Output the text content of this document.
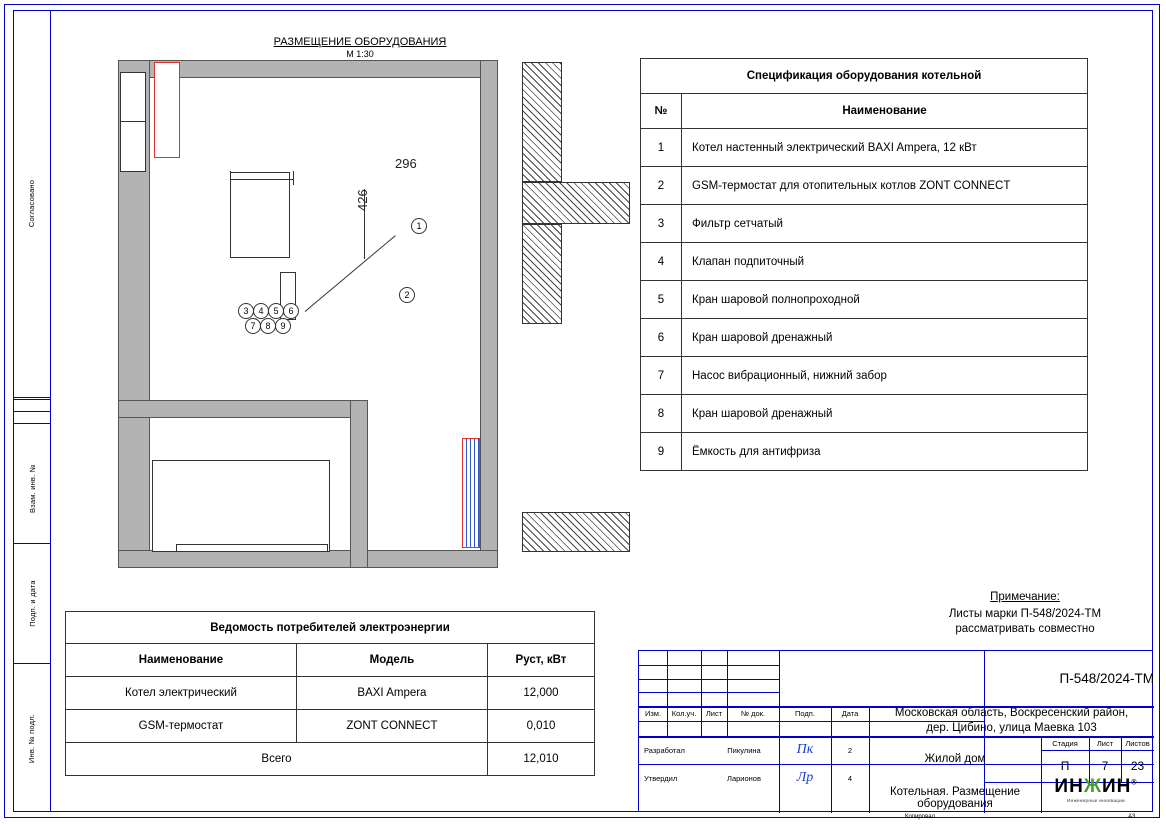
Согласовано
Взам. инв. №
Подп. и дата
Инв. № подл.
РАЗМЕЩЕНИЕ ОБОРУДОВАНИЯ
М 1:30
296
426
1
2
3	4	5	6
7	8	9
Спецификация оборудования котельной	
№	Наименование
1	Котел настенный электрический BAXI Ampera, 12 кВт
2	GSM-термостат для отопительных котлов ZONT CONNECT
3	Фильтр сетчатый
4	Клапан подпиточный
5	Кран шаровой полнопроходной
6	Кран шаровой дренажный
7	Насос вибрационный, нижний забор
8	Кран шаровой дренажный
9	Ёмкость для антифриза
Ведомость потребителей электроэнергии		
Наименование	Модель	Руст, кВт
Котел электрический	BAXI Ampera	12,000
GSM-термостат	ZONT CONNECT	0,010
Всего		12,010
Примечание:
Листы марки П-548/2024-ТМ
рассматривать совместно
Изм.	Кол.уч.	Лист	№ док.	Подп.	Дата
Разработал	Пикулина	Пк	2
Утвердил	Ларионов	Лр	4
П-548/2024-ТМ
Московская область, Воскресенский район,
дер. Цибино, улица Маевка 103
Жилой дом
Котельная. Размещение
оборудования
Стадия	Лист	Листов
П	7	23
ИНЖИН®
Инженерные инновации
Копировал	А3
